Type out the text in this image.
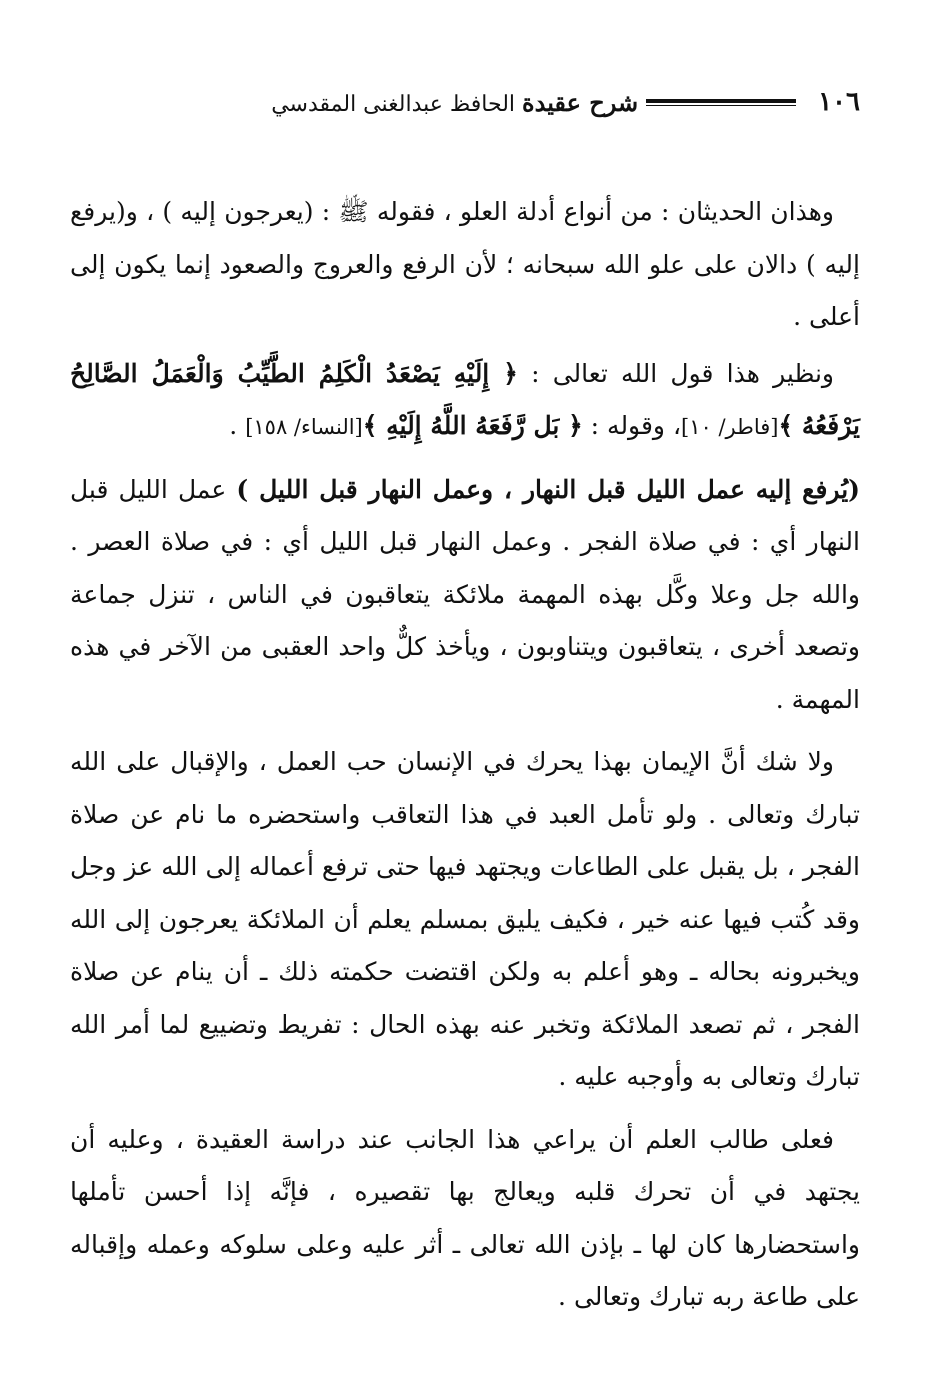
١٠٦
شرح عقيدة الحافظ عبدالغنى المقدسي

وهذان الحديثان : من أنواع أدلة العلو ، فقوله ﷺ : (يعرجون إليه ) ، و(يرفع إليه ) دالان على علو الله سبحانه ؛ لأن الرفع والعروج والصعود إنما يكون إلى أعلى .

ونظير هذا قول الله تعالى : ﴿ إِلَيْهِ يَصْعَدُ الْكَلِمُ الطَّيِّبُ وَالْعَمَلُ الصَّالِحُ يَرْفَعُهُ ﴾[فاطر/ ١٠]، وقوله : ﴿ بَل رَّفَعَهُ اللَّهُ إِلَيْهِ ﴾[النساء/ ١٥٨] .

(يُرفع إليه عمل الليل قبل النهار ، وعمل النهار قبل الليل ) عمل الليل قبل النهار أي : في صلاة الفجر . وعمل النهار قبل الليل أي : في صلاة العصر . والله جل وعلا وكَّل بهذه المهمة ملائكة يتعاقبون في الناس ، تنزل جماعة وتصعد أخرى ، يتعاقبون ويتناوبون ، ويأخذ كلٌّ واحد العقبى من الآخر في هذه المهمة .

ولا شك أنَّ الإيمان بهذا يحرك في الإنسان حب العمل ، والإقبال على الله تبارك وتعالى . ولو تأمل العبد في هذا التعاقب واستحضره ما نام عن صلاة الفجر ، بل يقبل على الطاعات ويجتهد فيها حتى ترفع أعماله إلى الله عز وجل وقد كُتب فيها عنه خير ، فكيف يليق بمسلم يعلم أن الملائكة يعرجون إلى الله ويخبرونه بحاله ـ وهو أعلم به ولكن اقتضت حكمته ذلك ـ أن ينام عن صلاة الفجر ، ثم تصعد الملائكة وتخبر عنه بهذه الحال : تفريط وتضييع لما أمر الله تبارك وتعالى به وأوجبه عليه .

فعلى طالب العلم أن يراعي هذا الجانب عند دراسة العقيدة ، وعليه أن يجتهد في أن تحرك قلبه ويعالج بها تقصيره ، فإنَّه إذا أحسن تأملها واستحضارها كان لها ـ بإذن الله تعالى ـ أثر عليه وعلى سلوكه وعمله وإقباله على طاعة ربه تبارك وتعالى .
